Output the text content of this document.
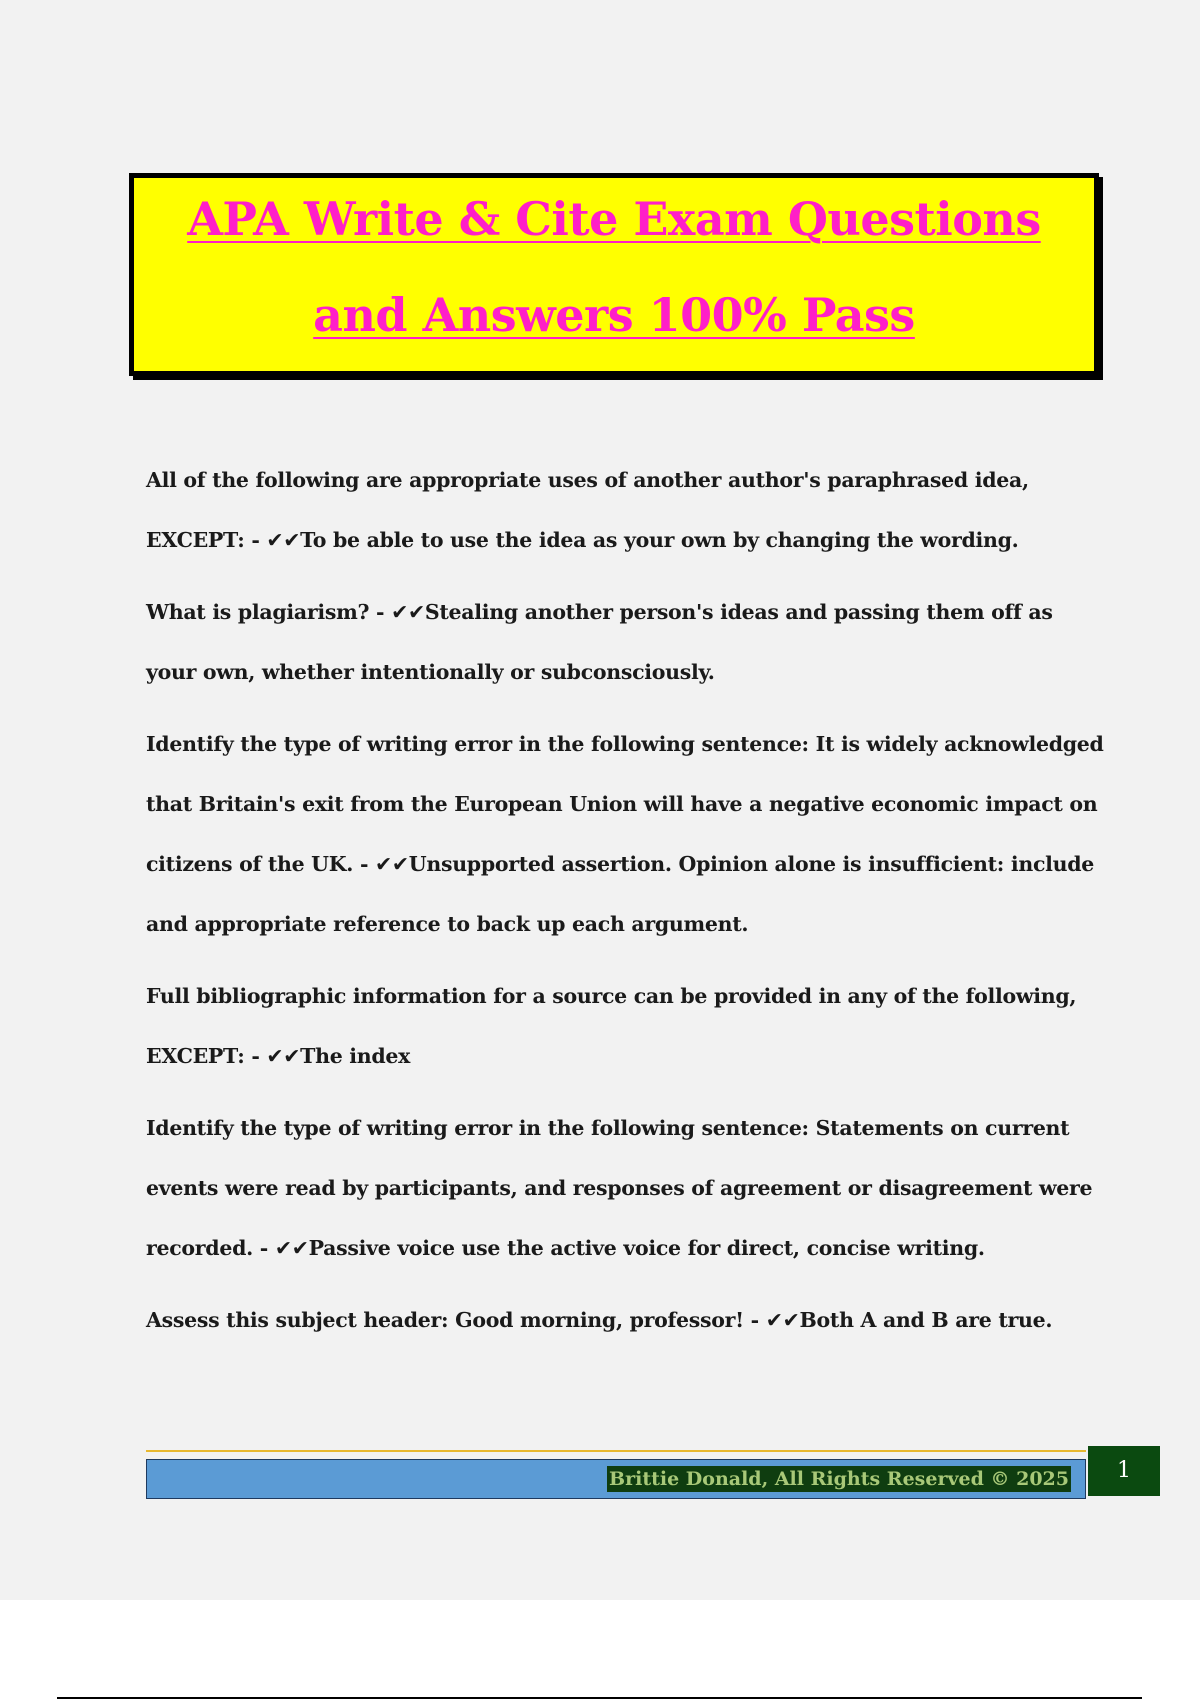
APA Write & Cite Exam Questions
and Answers 100% Pass

All of the following are appropriate uses of another author's paraphrased idea, EXCEPT: - ✔✔To be able to use the idea as your own by changing the wording.

What is plagiarism? - ✔✔Stealing another person's ideas and passing them off as your own, whether intentionally or subconsciously.

Identify the type of writing error in the following sentence: It is widely acknowledged that Britain's exit from the European Union will have a negative economic impact on citizens of the UK. - ✔✔Unsupported assertion. Opinion alone is insufficient: include and appropriate reference to back up each argument.

Full bibliographic information for a source can be provided in any of the following, EXCEPT: - ✔✔The index

Identify the type of writing error in the following sentence: Statements on current events were read by participants, and responses of agreement or disagreement were recorded. - ✔✔Passive voice use the active voice for direct, concise writing.

Assess this subject header: Good morning, professor! - ✔✔Both A and B are true.

Brittie Donald, All Rights Reserved © 2025	1
